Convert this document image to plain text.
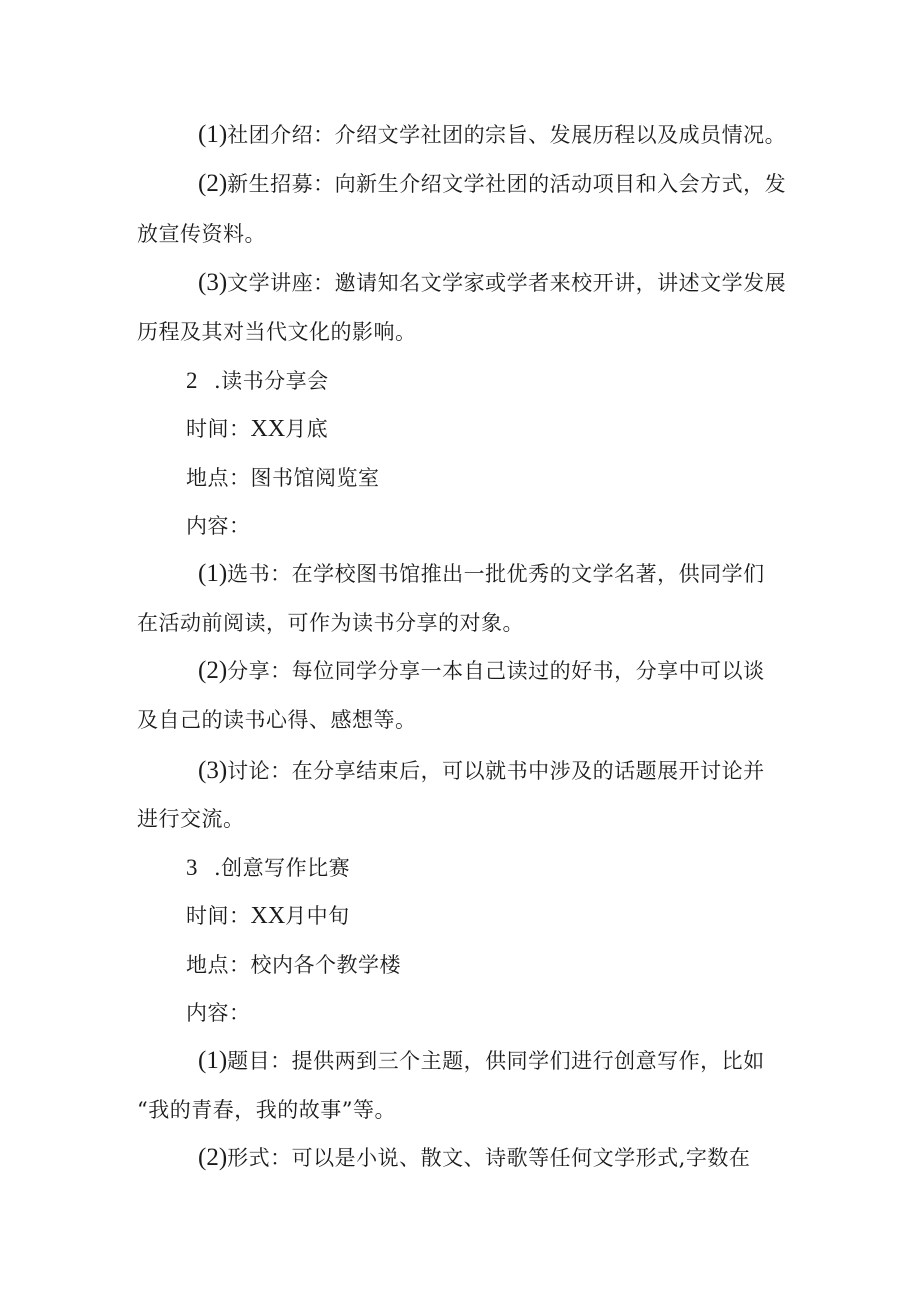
(1)社团介绍：介绍文学社团的宗旨、发展历程以及成员情况。
(2)新生招募：向新生介绍文学社团的活动项目和入会方式，发
放宣传资料。
(3)文学讲座：邀请知名文学家或学者来校开讲，讲述文学发展
历程及其对当代文化的影响。
2 .读书分享会
时间：XX月底
地点：图书馆阅览室
内容：
(1)选书：在学校图书馆推出一批优秀的文学名著，供同学们
在活动前阅读，可作为读书分享的对象。
(2)分享：每位同学分享一本自己读过的好书，分享中可以谈
及自己的读书心得、感想等。
(3)讨论：在分享结束后，可以就书中涉及的话题展开讨论并
进行交流。
3 .创意写作比赛
时间：XX月中旬
地点：校内各个教学楼
内容：
(1)题目：提供两到三个主题，供同学们进行创意写作，比如
“我的青春，我的故事”等。
(2)形式：可以是小说、散文、诗歌等任何文学形式,字数在
